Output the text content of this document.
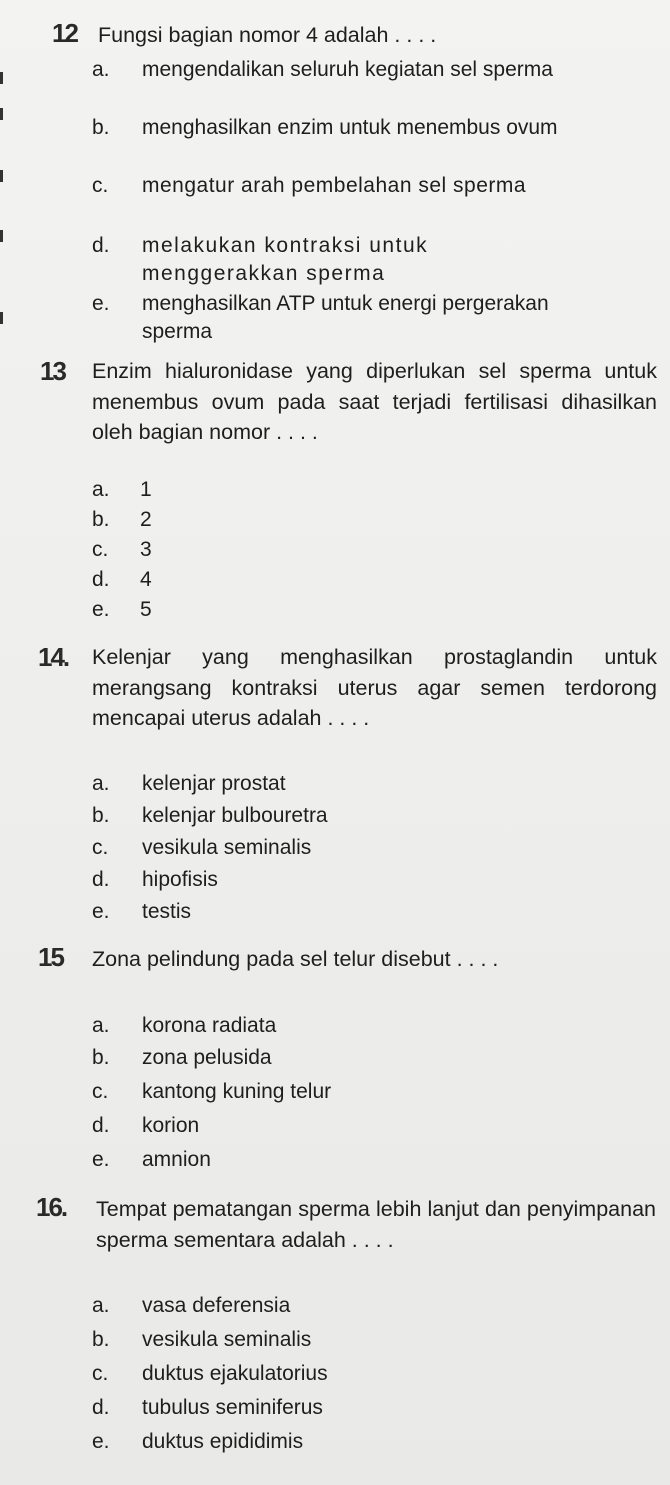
12 Fungsi bagian nomor 4 adalah . . . .

a.	mengendalikan seluruh kegiatan sel sperma
b.	menghasilkan enzim untuk menembus ovum
c.	mengatur arah pembelahan sel sperma
d.	melakukan kontraksi untuk menggerakkan sperma
e.	menghasilkan ATP untuk energi pergerakan sperma
13 Enzim hialuronidase yang diperlukan sel sperma untuk menembus ovum pada saat terjadi fertilisasi dihasilkan oleh bagian nomor . . . .

a.	1
b.	2
c.	3
d.	4
e.	5
14. Kelenjar yang menghasilkan prostaglandin untuk merangsang kontraksi uterus agar semen terdorong mencapai uterus adalah . . . .

a.	kelenjar prostat
b.	kelenjar bulbouretra
c.	vesikula seminalis
d.	hipofisis
e.	testis
15 Zona pelindung pada sel telur disebut . . . .

a.	korona radiata
b.	zona pelusida
c.	kantong kuning telur
d.	korion
e.	amnion
16. Tempat pematangan sperma lebih lanjut dan penyimpanan sperma sementara adalah . . . .

a.	vasa deferensia
b.	vesikula seminalis
c.	duktus ejakulatorius
d.	tubulus seminiferus
e.	duktus epididimis
